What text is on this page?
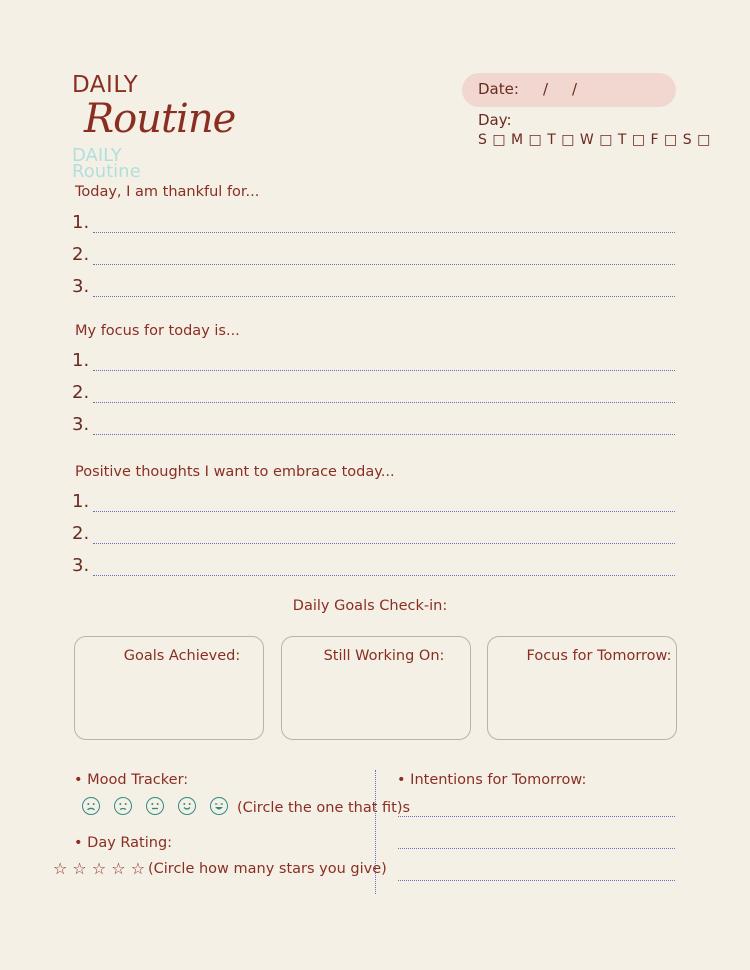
DAILY
Routine
DAILY
Routine
Date: / /
Day:
S □ M □ T □ W □ T □ F □ S □
Today, I am thankful for...
1.
2.
3.
My focus for today is...
1.
2.
3.
Positive thoughts I want to embrace today...
1.
2.
3.
Daily Goals Check-in:
Goals Achieved:	Still Working On:	Focus for Tomorrow:
• Mood Tracker:
(Circle the one that fit)s
• Day Rating:
☆ ☆ ☆ ☆ ☆ (Circle how many stars you give)
• Intentions for Tomorrow:
